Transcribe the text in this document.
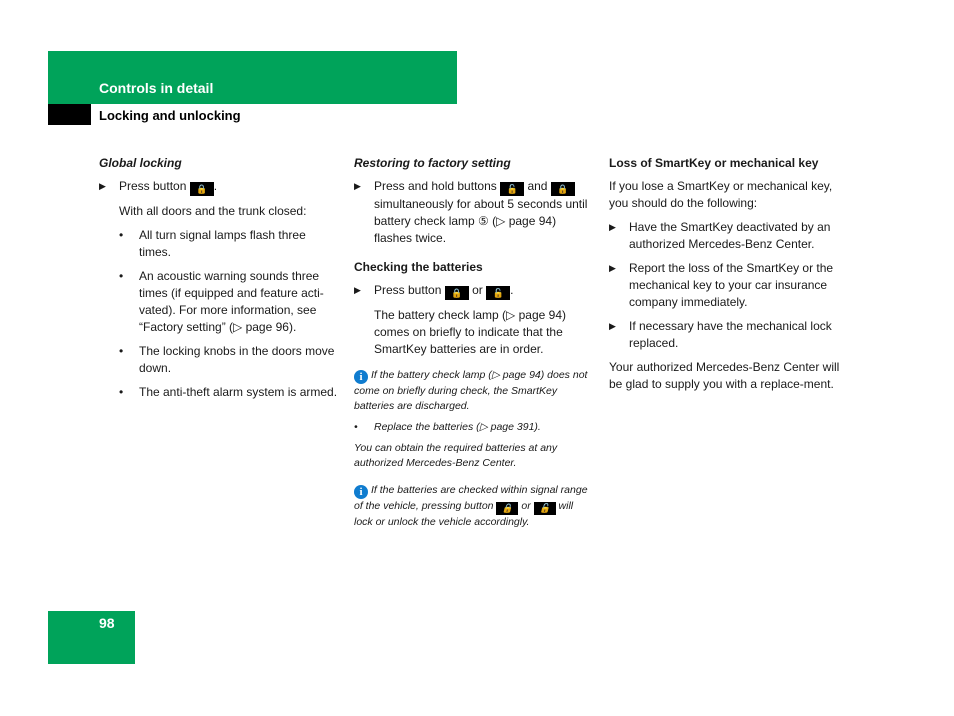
Controls in detail
Locking and unlocking
Global locking
▶ Press button 🔒 .

With all doors and the trunk closed:

• All turn signal lamps flash three times.
• An acoustic warning sounds three times (if equipped and feature acti-vated). For more information, see “Factory setting” (▷ page 96).
• The locking knobs in the doors move down.
• The anti-theft alarm system is armed.
Restoring to factory setting
▶ Press and hold buttons 🔓 and 🔒 simultaneously for about 5 seconds until battery check lamp ⑤ (▷ page 94) flashes twice.
Checking the batteries
▶ Press button 🔒 or 🔓 .

The battery check lamp (▷ page 94) comes on briefly to indicate that the SmartKey batteries are in order.

i If the battery check lamp (▷ page 94) does not come on briefly during check, the SmartKey batteries are discharged.
• Replace the batteries (▷ page 391).
You can obtain the required batteries at any authorized Mercedes-Benz Center.
i If the batteries are checked within signal range of the vehicle, pressing button 🔒 or 🔓 will lock or unlock the vehicle accordingly.
Loss of SmartKey or mechanical key

If you lose a SmartKey or mechanical key, you should do the following:

▶ Have the SmartKey deactivated by an authorized Mercedes-Benz Center.
▶ Report the loss of the SmartKey or the mechanical key to your car insurance company immediately.
▶ If necessary have the mechanical lock replaced.

Your authorized Mercedes-Benz Center will be glad to supply you with a replace-ment.

98
